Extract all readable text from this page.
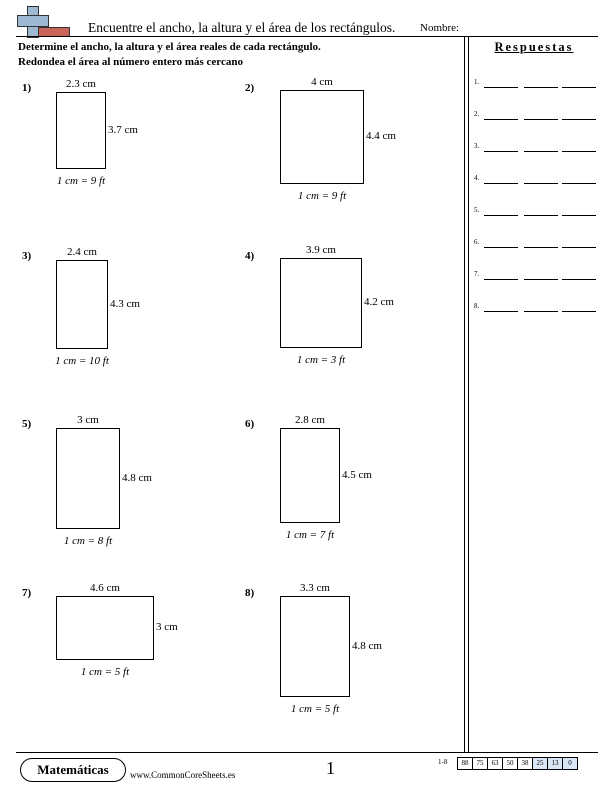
Encuentre el ancho, la altura y el área de los rectángulos. Nombre:
Determine el ancho, la altura y el área reales de cada rectángulo.
Redondea el área al número entero más cercano
Respuestas
1.
2.
3.
4.
5.
6.
7.
8.
1)	2.3 cm
3.7 cm
1 cm = 9 ft
2)	4 cm
4.4 cm
1 cm = 9 ft
3)	2.4 cm
4.3 cm
1 cm = 10 ft
4)	3.9 cm
4.2 cm
1 cm = 3 ft
5)	3 cm
4.8 cm
1 cm = 8 ft
6)	2.8 cm
4.5 cm
1 cm = 7 ft
7)	4.6 cm
3 cm
1 cm = 5 ft
8)	3.3 cm
4.8 cm
1 cm = 5 ft
Matemáticas	www.CommonCoreSheets.es	1	1-8	88	75	63	50	38	25	13	0
